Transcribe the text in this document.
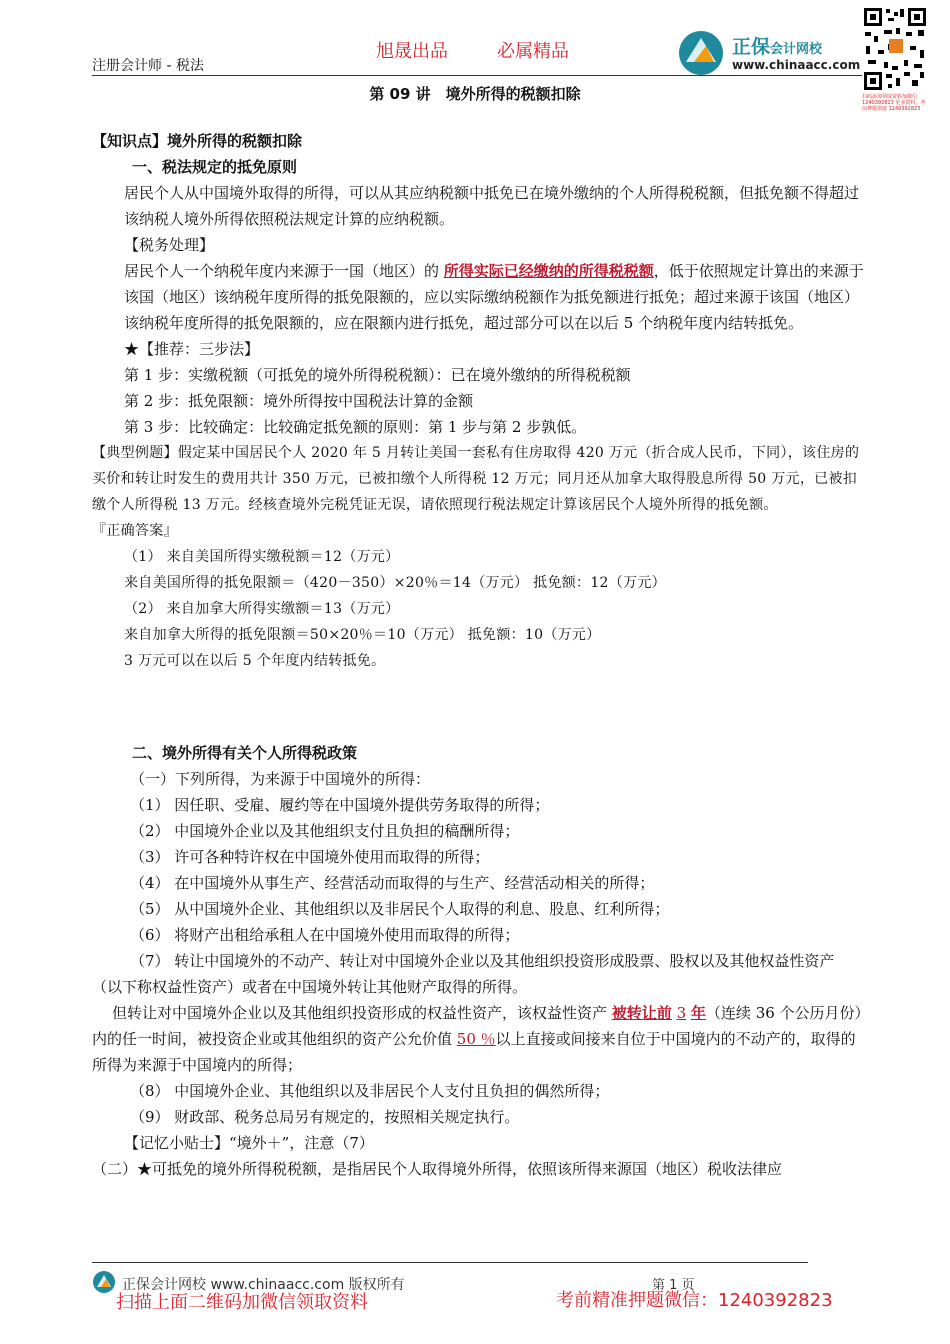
注册会计师 - 税法
旭晟出品	必属精品	正保会计网校
www.chinaacc.com
扫码添加领取资料加微信 1240392823 更多资料，考前押题领取 1240392823
第 09 讲　境外所得的税额扣除

【知识点】境外所得的税额扣除

一、税法规定的抵免原则

居民个人从中国境外取得的所得，可以从其应纳税额中抵免已在境外缴纳的个人所得税税额，但抵免额不得超过该纳税人境外所得依照税法规定计算的应纳税额。

【税务处理】

居民个人一个纳税年度内来源于一国（地区）的 所得实际已经缴纳的所得税税额，低于依照规定计算出的来源于该国（地区）该纳税年度所得的抵免限额的，应以实际缴纳税额作为抵免额进行抵免；超过来源于该国（地区）该纳税年度所得的抵免限额的，应在限额内进行抵免，超过部分可以在以后 5 个纳税年度内结转抵免。

★【推荐：三步法】

第 1 步：实缴税额（可抵免的境外所得税税额）：已在境外缴纳的所得税税额

第 2 步：抵免限额：境外所得按中国税法计算的金额

第 3 步：比较确定：比较确定抵免额的原则：第 1 步与第 2 步孰低。

【典型例题】假定某中国居民个人 2020 年 5 月转让美国一套私有住房取得 420 万元（折合成人民币，下同），该住房的买价和转让时发生的费用共计 350 万元，已被扣缴个人所得税 12 万元；同月还从加拿大取得股息所得 50 万元，已被扣缴个人所得税 13 万元。经核查境外完税凭证无误，请依照现行税法规定计算该居民个人境外所得的抵免额。

『正确答案』

（1） 来自美国所得实缴税额＝12（万元）

来自美国所得的抵免限额＝（420－350）×20％＝14（万元） 抵免额：12（万元）

（2） 来自加拿大所得实缴额＝13（万元）

来自加拿大所得的抵免限额＝50×20％＝10（万元） 抵免额：10（万元）

3 万元可以在以后 5 个年度内结转抵免。

二、境外所得有关个人所得税政策

（一）下列所得，为来源于中国境外的所得：

（1） 因任职、受雇、履约等在中国境外提供劳务取得的所得；

（2） 中国境外企业以及其他组织支付且负担的稿酬所得；

（3） 许可各种特许权在中国境外使用而取得的所得；

（4） 在中国境外从事生产、经营活动而取得的与生产、经营活动相关的所得；

（5） 从中国境外企业、其他组织以及非居民个人取得的利息、股息、红利所得；

（6） 将财产出租给承租人在中国境外使用而取得的所得；

（7） 转让中国境外的不动产、转让对中国境外企业以及其他组织投资形成股票、股权以及其他权益性资产（以下称权益性资产）或者在中国境外转让其他财产取得的所得。

但转让对中国境外企业以及其他组织投资形成的权益性资产，该权益性资产 被转让前 3 年（连续 36 个公历月份）内的任一时间，被投资企业或其他组织的资产公允价值 50 ％以上直接或间接来自位于中国境内的不动产的，取得的所得为来源于中国境内的所得；

（8） 中国境外企业、其他组织以及非居民个人支付且负担的偶然所得；

（9） 财政部、税务总局另有规定的，按照相关规定执行。

【记忆小贴士】“境外＋”，注意（7）

（二）★可抵免的境外所得税税额，是指居民个人取得境外所得，依照该所得来源国（地区）税收法律应

正保会计网校 www.chinaacc.com 版权所有	第 1 页
扫描上面二维码加微信领取资料	考前精准押题微信：1240392823
